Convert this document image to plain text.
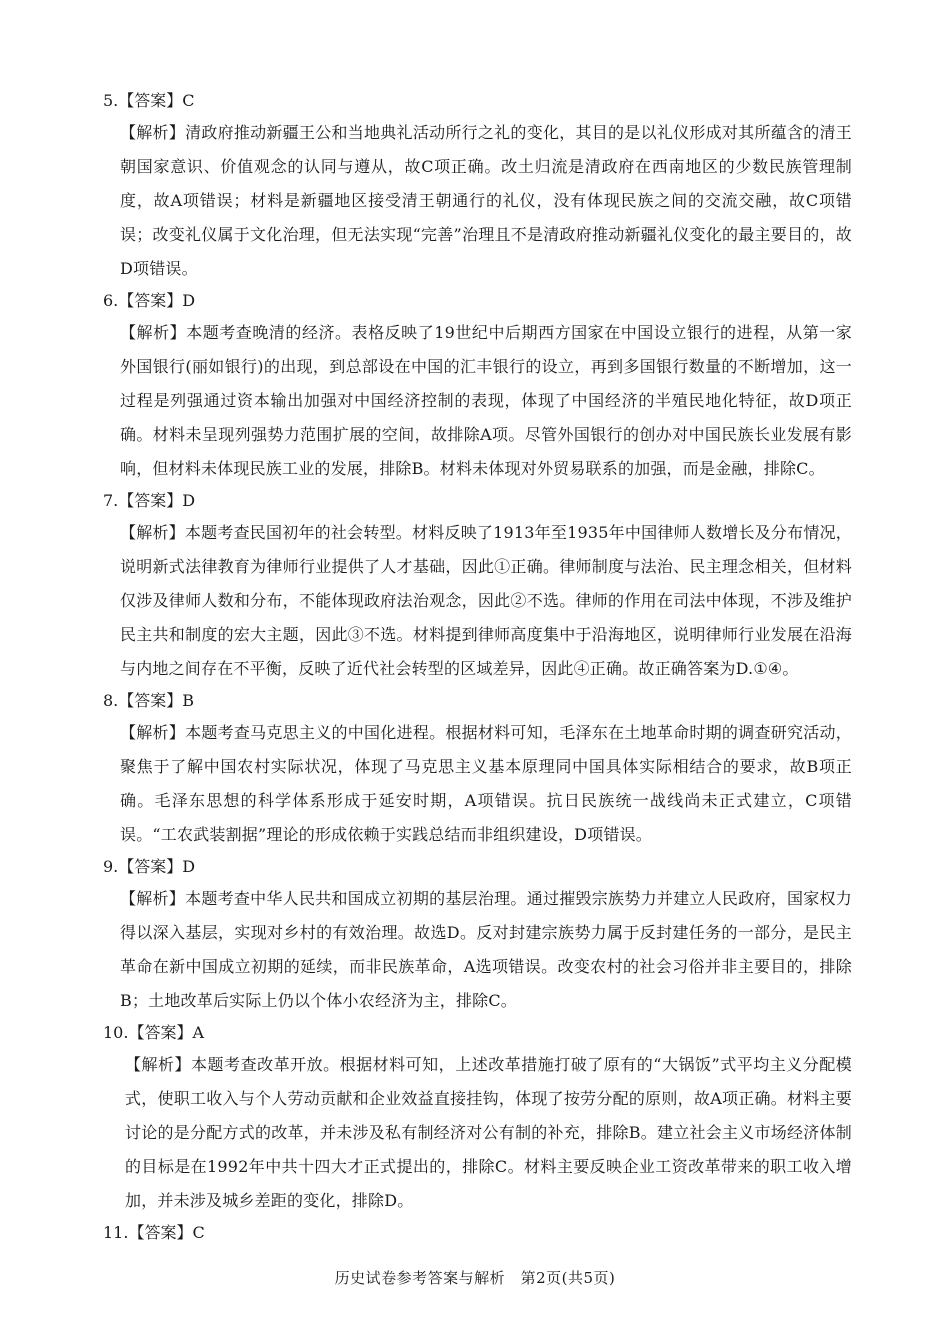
5.【答案】C

【解析】清政府推动新疆王公和当地典礼活动所行之礼的变化，其目的是以礼仪形成对其所蕴含的清王朝国家意识、价值观念的认同与遵从，故C项正确。改土归流是清政府在西南地区的少数民族管理制度，故A项错误；材料是新疆地区接受清王朝通行的礼仪，没有体现民族之间的交流交融，故C项错误；改变礼仪属于文化治理，但无法实现“完善”治理且不是清政府推动新疆礼仪变化的最主要目的，故D项错误。

6.【答案】D

【解析】本题考查晚清的经济。表格反映了19世纪中后期西方国家在中国设立银行的进程，从第一家外国银行(丽如银行)的出现，到总部设在中国的汇丰银行的设立，再到多国银行数量的不断增加，这一过程是列强通过资本输出加强对中国经济控制的表现，体现了中国经济的半殖民地化特征，故D项正确。材料未呈现列强势力范围扩展的空间，故排除A项。尽管外国银行的创办对中国民族长业发展有影响，但材料未体现民族工业的发展，排除B。材料未体现对外贸易联系的加强，而是金融，排除C。

7.【答案】D

【解析】本题考查民国初年的社会转型。材料反映了1913年至1935年中国律师人数增长及分布情况，说明新式法律教育为律师行业提供了人才基础，因此①正确。律师制度与法治、民主理念相关，但材料仅涉及律师人数和分布，不能体现政府法治观念，因此②不选。律师的作用在司法中体现，不涉及维护民主共和制度的宏大主题，因此③不选。材料提到律师高度集中于沿海地区，说明律师行业发展在沿海与内地之间存在不平衡，反映了近代社会转型的区域差异，因此④正确。故正确答案为D.①④。

8.【答案】B

【解析】本题考查马克思主义的中国化进程。根据材料可知，毛泽东在土地革命时期的调查研究活动，聚焦于了解中国农村实际状况，体现了马克思主义基本原理同中国具体实际相结合的要求，故B项正确。毛泽东思想的科学体系形成于延安时期，A项错误。抗日民族统一战线尚未正式建立，C项错误。“工农武装割据”理论的形成依赖于实践总结而非组织建设，D项错误。

9.【答案】D

【解析】本题考查中华人民共和国成立初期的基层治理。通过摧毁宗族势力并建立人民政府，国家权力得以深入基层，实现对乡村的有效治理。故选D。反对封建宗族势力属于反封建任务的一部分，是民主革命在新中国成立初期的延续，而非民族革命，A选项错误。改变农村的社会习俗并非主要目的，排除B；土地改革后实际上仍以个体小农经济为主，排除C。

10.【答案】A

【解析】本题考查改革开放。根据材料可知，上述改革措施打破了原有的“大锅饭”式平均主义分配模式，使职工收入与个人劳动贡献和企业效益直接挂钩，体现了按劳分配的原则，故A项正确。材料主要讨论的是分配方式的改革，并未涉及私有制经济对公有制的补充，排除B。建立社会主义市场经济体制的目标是在1992年中共十四大才正式提出的，排除C。材料主要反映企业工资改革带来的职工收入增加，并未涉及城乡差距的变化，排除D。

11.【答案】C
历史试卷参考答案与解析　第2页(共5页)
